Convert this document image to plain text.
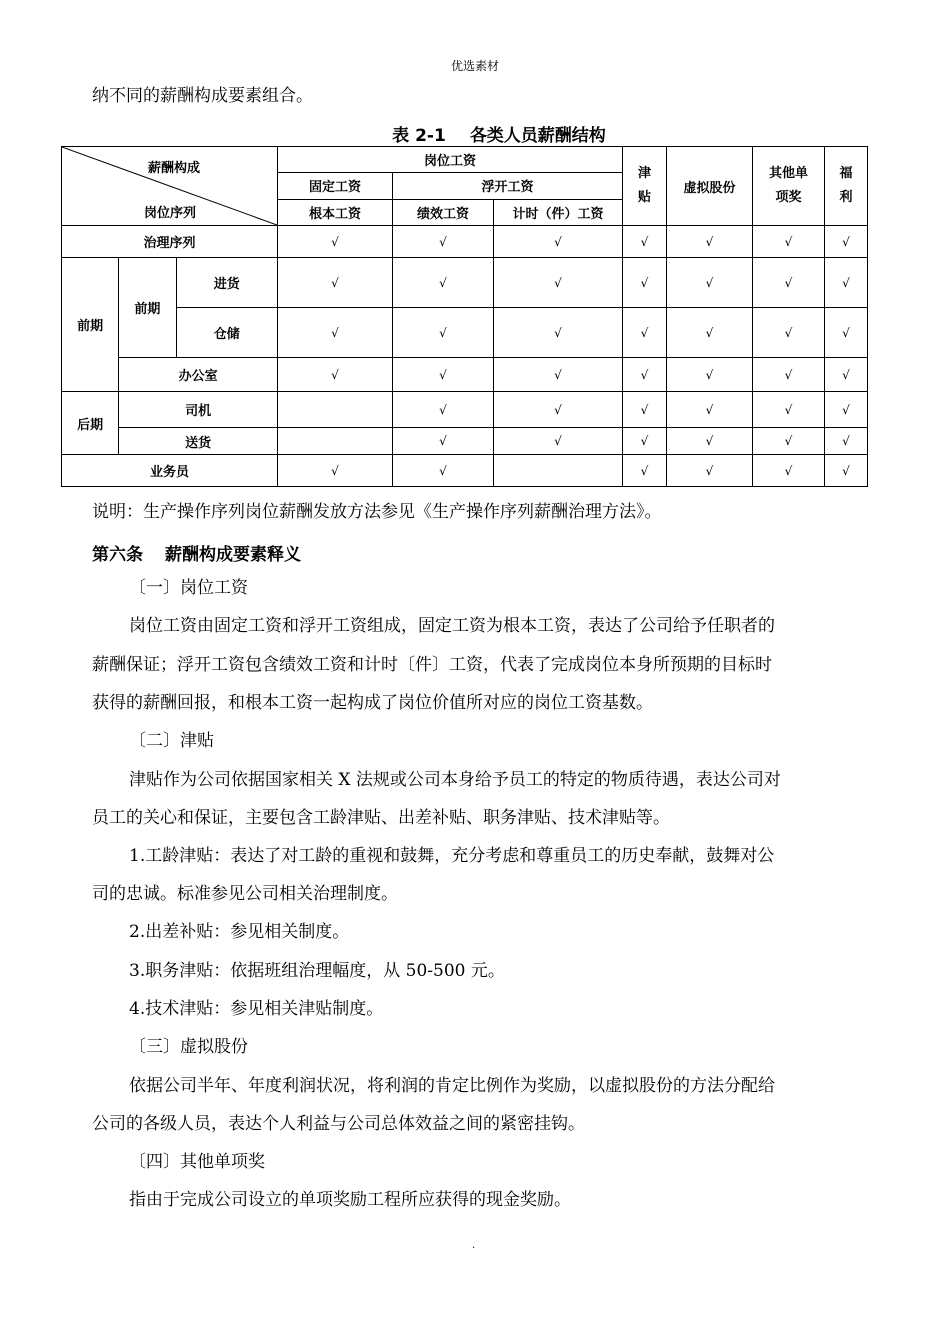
优选素材
纳不同的薪酬构成要素组合。
表 2-1 各类人员薪酬结构
薪酬构成
岗位序列			岗位工资			津贴	虚拟股份	其他单项奖	福利

			固定工资	浮开工资					
			根本工资	绩效工资	计时（件）工资				
治理序列			√	√	√	√	√	√	√
前期	前期	进货	√	√	√	√	√	√	√
		仓储	√	√	√	√	√	√	√
	办公室		√	√	√	√	√	√	√
后期	司机			√	√	√	√	√	√
	送货			√	√	√	√	√	√
业务员			√	√		√	√	√	√
说明：生产操作序列岗位薪酬发放方法参见《生产操作序列薪酬治理方法》。
第六条 薪酬构成要素释义
〔一〕岗位工资
岗位工资由固定工资和浮开工资组成，固定工资为根本工资，表达了公司给予任职者的
薪酬保证；浮开工资包含绩效工资和计时〔件〕工资，代表了完成岗位本身所预期的目标时
获得的薪酬回报，和根本工资一起构成了岗位价值所对应的岗位工资基数。
〔二〕津贴
津贴作为公司依据国家相关 X 法规或公司本身给予员工的特定的物质待遇，表达公司对
员工的关心和保证，主要包含工龄津贴、出差补贴、职务津贴、技术津贴等。
1.工龄津贴：表达了对工龄的重视和鼓舞，充分考虑和尊重员工的历史奉献，鼓舞对公
司的忠诚。标准参见公司相关治理制度。
2.出差补贴：参见相关制度。
3.职务津贴：依据班组治理幅度，从 50-500 元。
4.技术津贴：参见相关津贴制度。
〔三〕虚拟股份
依据公司半年、年度利润状况，将利润的肯定比例作为奖励，以虚拟股份的方法分配给
公司的各级人员，表达个人利益与公司总体效益之间的紧密挂钩。
〔四〕其他单项奖
指由于完成公司设立的单项奖励工程所应获得的现金奖励。
.
